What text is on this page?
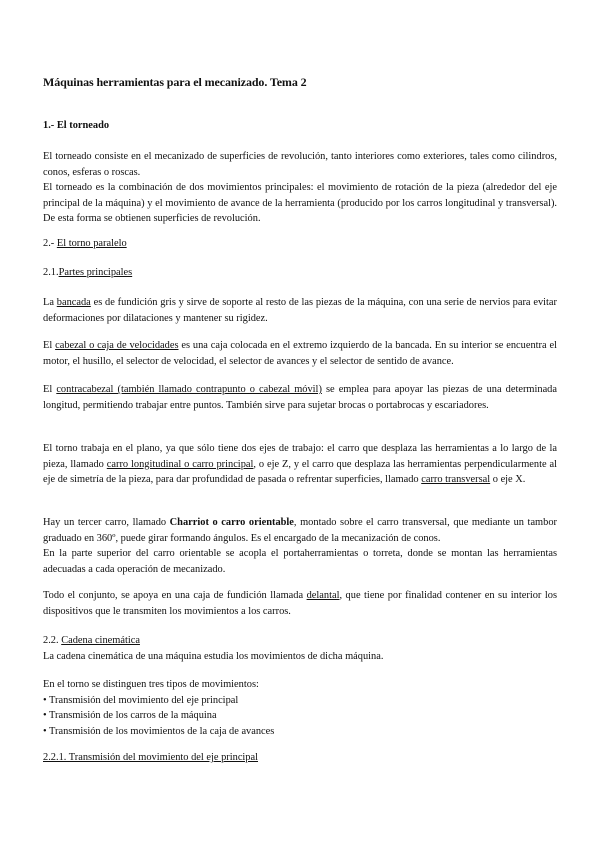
Máquinas herramientas para el mecanizado. Tema 2
1.- El torneado

El torneado consiste en el mecanizado de superficies de revolución, tanto interiores como exteriores, tales como cilindros, conos, esferas o roscas.

El torneado es la combinación de dos movimientos principales: el movimiento de rotación de la pieza (alrededor del eje principal de la máquina) y el movimiento de avance de la herramienta (producido por los carros longitudinal y transversal). De esta forma se obtienen superficies de revolución.

2.- El torno paralelo
2.1.Partes principales
La bancada es de fundición gris y sirve de soporte al resto de las piezas de la máquina, con una serie de nervios para evitar deformaciones por dilataciones y mantener su rigidez.
El cabezal o caja de velocidades es una caja colocada en el extremo izquierdo de la bancada. En su interior se encuentra el motor, el husillo, el selector de velocidad, el selector de avances y el selector de sentido de avance.
El contracabezal (también llamado contrapunto o cabezal móvil) se emplea para apoyar las piezas de una determinada longitud, permitiendo trabajar entre puntos. También sirve para sujetar brocas o portabrocas y escariadores.
El torno trabaja en el plano, ya que sólo tiene dos ejes de trabajo: el carro que desplaza las herramientas a lo largo de la pieza, llamado carro longitudinal o carro principal, o eje Z, y el carro que desplaza las herramientas perpendicularmente al eje de simetría de la pieza, para dar profundidad de pasada o refrentar superficies, llamado carro transversal o eje X.

Hay un tercer carro, llamado Charriot o carro orientable, montado sobre el carro transversal, que mediante un tambor graduado en 360º, puede girar formando ángulos. Es el encargado de la mecanización de conos.

En la parte superior del carro orientable se acopla el portaherramientas o torreta, donde se montan las herramientas adecuadas a cada operación de mecanizado.

Todo el conjunto, se apoya en una caja de fundición llamada delantal, que tiene por finalidad contener en su interior los dispositivos que le transmiten los movimientos a los carros.

2.2. Cadena cinemática

La cadena cinemática de una máquina estudia los movimientos de dicha máquina.

En el torno se distinguen tres tipos de movimientos:

• Transmisión del movimiento del eje principal

• Transmisión de los carros de la máquina

• Transmisión de los movimientos de la caja de avances

2.2.1. Transmisión del movimiento del eje principal
